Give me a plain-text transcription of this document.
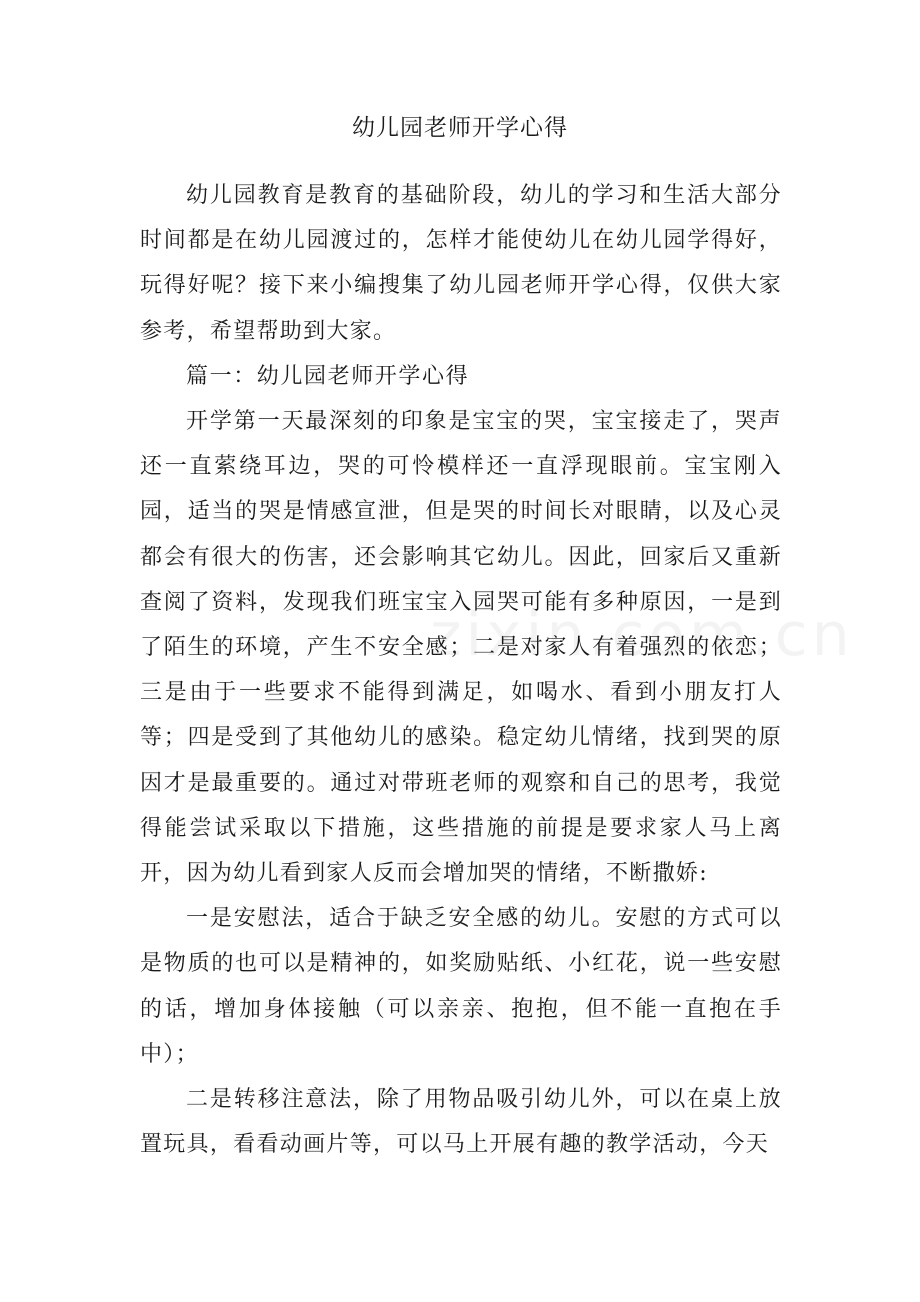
幼儿园老师开学心得

幼儿园教育是教育的基础阶段，幼儿的学习和生活大部分时间都是在幼儿园渡过的，怎样才能使幼儿在幼儿园学得好，玩得好呢？接下来小编搜集了幼儿园老师开学心得，仅供大家参考，希望帮助到大家。

篇一：幼儿园老师开学心得

开学第一天最深刻的印象是宝宝的哭，宝宝接走了，哭声还一直萦绕耳边，哭的可怜模样还一直浮现眼前。宝宝刚入园，适当的哭是情感宣泄，但是哭的时间长对眼睛，以及心灵都会有很大的伤害，还会影响其它幼儿。因此，回家后又重新查阅了资料，发现我们班宝宝入园哭可能有多种原因，一是到了陌生的环境，产生不安全感；二是对家人有着强烈的依恋；三是由于一些要求不能得到满足，如喝水、看到小朋友打人等；四是受到了其他幼儿的感染。稳定幼儿情绪，找到哭的原因才是最重要的。通过对带班老师的观察和自己的思考，我觉得能尝试采取以下措施，这些措施的前提是要求家人马上离开，因为幼儿看到家人反而会增加哭的情绪，不断撒娇:

一是安慰法，适合于缺乏安全感的幼儿。安慰的方式可以是物质的也可以是精神的，如奖励贴纸、小红花，说一些安慰的话，增加身体接触（可以亲亲、抱抱，但不能一直抱在手中）；

二是转移注意法，除了用物品吸引幼儿外，可以在桌上放置玩具，看看动画片等，可以马上开展有趣的教学活动，今天
